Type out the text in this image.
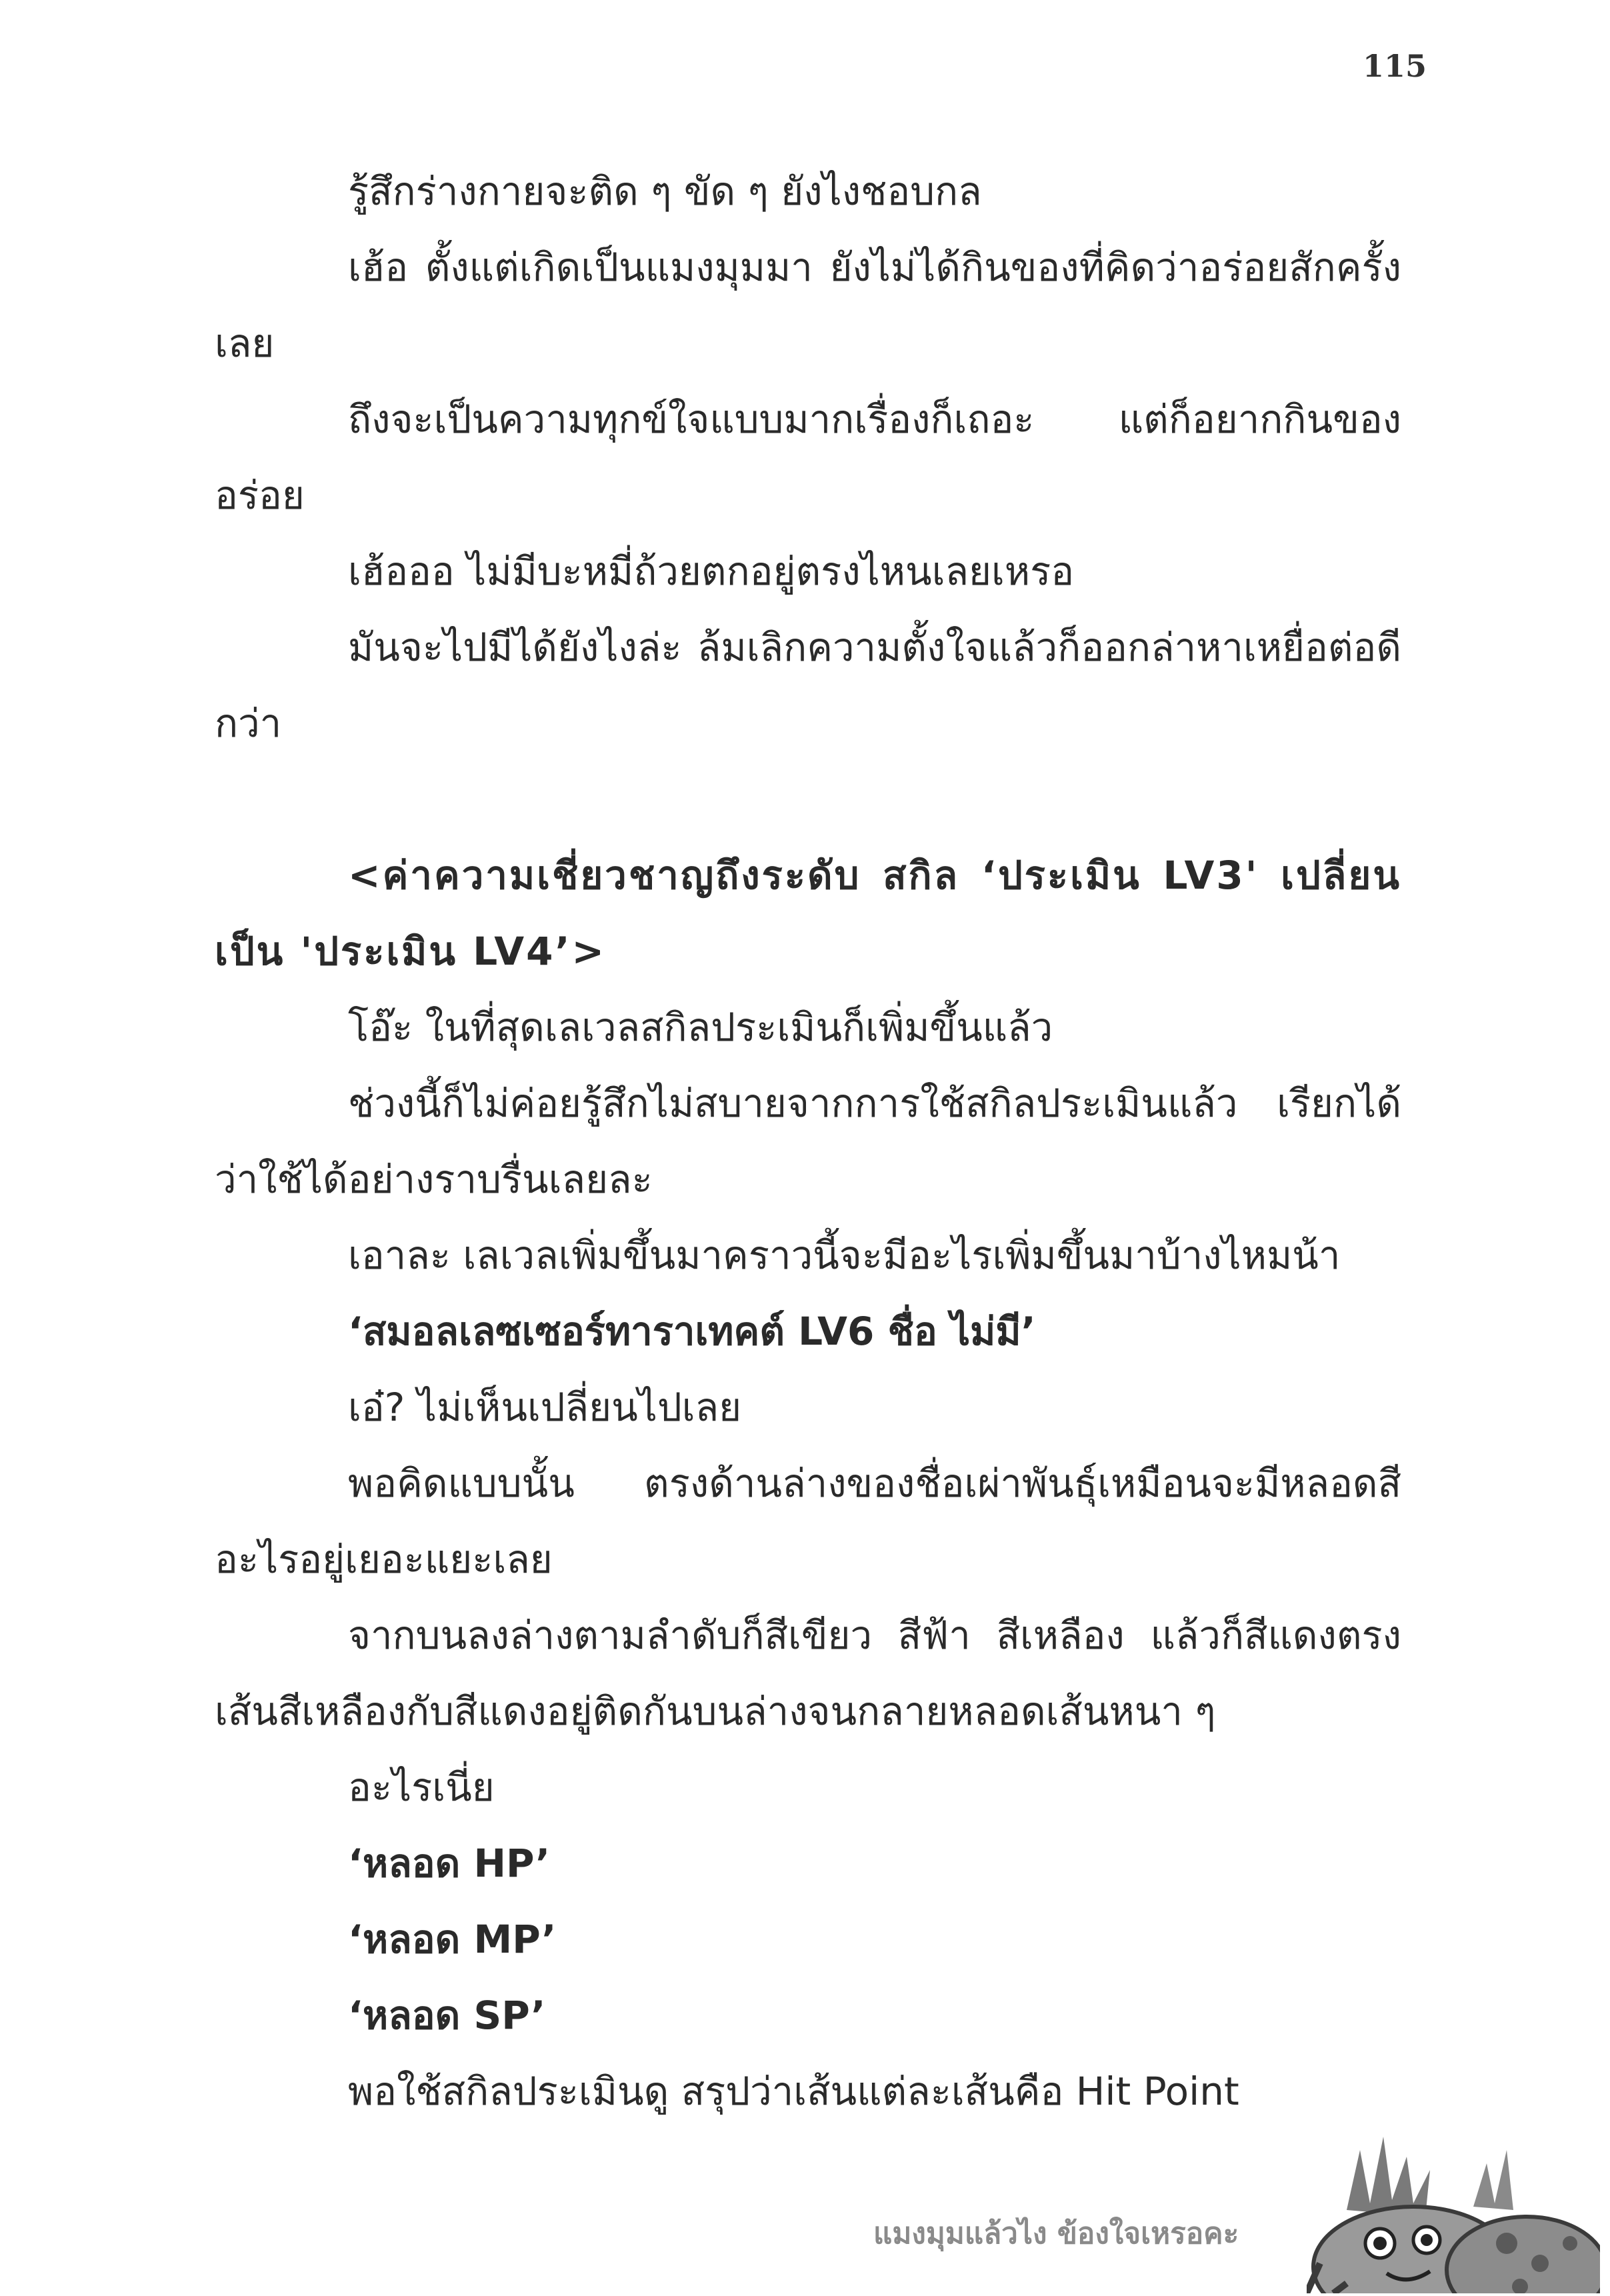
115

รู้สึกร่างกายจะติด ๆ ขัด ๆ ยังไงชอบกล

เฮ้อ ตั้งแต่เกิดเป็นแมงมุมมา ยังไม่ได้กินของที่คิดว่าอร่อยสักครั้งเลย

ถึงจะเป็นความทุกข์ใจแบบมากเรื่องก็เถอะ แต่ก็อยากกินของอร่อย

เฮ้อออ ไม่มีบะหมี่ถ้วยตกอยู่ตรงไหนเลยเหรอ

มันจะไปมีได้ยังไงล่ะ ล้มเลิกความตั้งใจแล้วก็ออกล่าหาเหยื่อต่อดีกว่า

<ค่าความเชี่ยวชาญถึงระดับ สกิล ‘ประเมิน LV3' เปลี่ยนเป็น 'ประเมิน LV4’>

โอ๊ะ ในที่สุดเลเวลสกิลประเมินก็เพิ่มขึ้นแล้ว

ช่วงนี้ก็ไม่ค่อยรู้สึกไม่สบายจากการใช้สกิลประเมินแล้ว เรียกได้ว่าใช้ได้อย่างราบรื่นเลยละ

เอาละ เลเวลเพิ่มขึ้นมาคราวนี้จะมีอะไรเพิ่มขึ้นมาบ้างไหมน้า

‘สมอลเลซเซอร์ทาราเทคต์ LV6 ชื่อ ไม่มี’

เอ๋? ไม่เห็นเปลี่ยนไปเลย

พอคิดแบบนั้น ตรงด้านล่างของชื่อเผ่าพันธุ์เหมือนจะมีหลอดสีอะไรอยู่เยอะแยะเลย

จากบนลงล่างตามลำดับก็สีเขียว สีฟ้า สีเหลือง แล้วก็สีแดงตรงเส้นสีเหลืองกับสีแดงอยู่ติดกันบนล่างจนกลายหลอดเส้นหนา ๆ

อะไรเนี่ย

‘หลอด HP’

‘หลอด MP’

‘หลอด SP’

พอใช้สกิลประเมินดู สรุปว่าเส้นแต่ละเส้นคือ Hit Point

แมงมุมแล้วไง ข้องใจเหรอคะ
